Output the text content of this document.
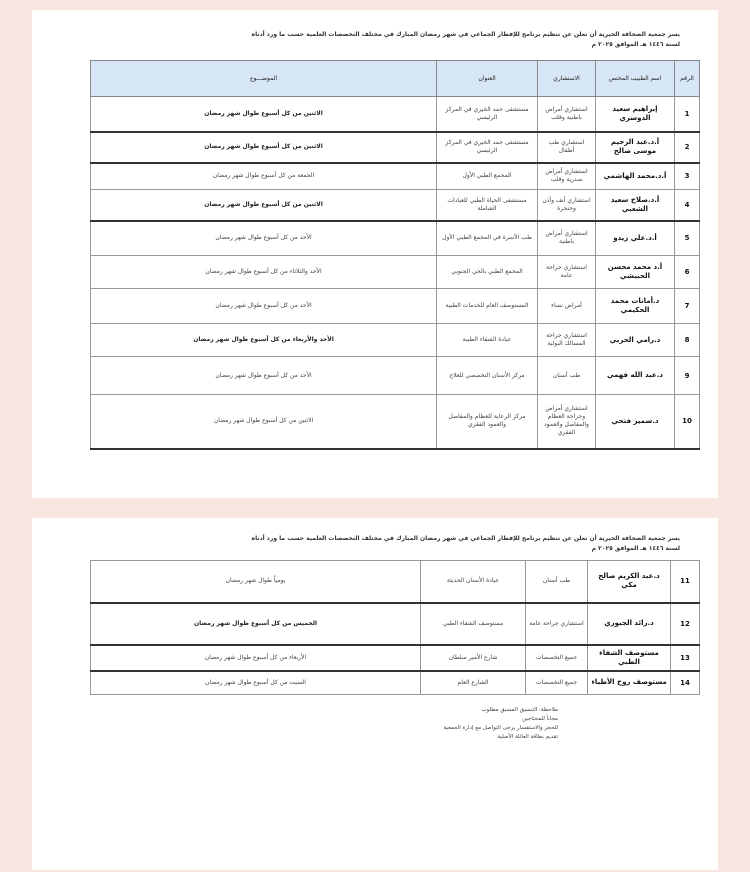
يسر جمعية الصحافة الخيرية أن تعلن عن تنظيم برنامج للإفطار الجماعي في شهر رمضان المبارك في مختلف التخصصات العلمية حسب ما ورد أدناه
لسنة ١٤٤٦ هـ الموافق ٢٠٢٥ م
الرقم	اسم الطبيب المختص	الاستشاري	العنوان	الموضـــوع
1	إبراهيم سعيد الدوسري	استشاري أمراض باطنية وقلب	مستشفى حمد الخيري في المركز الرئيسي	الاثنين من كل أسبوع طوال شهر رمضان
2	أ.د.عبد الرحيم موسى صالح	استشاري طب أطفال	مستشفى حمد الخيري في المركز الرئيسي	الاثنين من كل أسبوع طوال شهر رمضان
3	أ.د.محمد الهاشمي	استشاري أمراض صدرية وقلب	المجمع الطبي الأول	الجمعة من كل أسبوع طوال شهر رمضان
4	أ.د.صلاح سعيد الشعبي	استشاري أنف وأذن وحنجرة	مستشفى الحياة الطبي للعيادات الشاملة	الاثنين من كل أسبوع طوال شهر رمضان
5	أ.د.علي زيدو	استشاري أمراض باطنية	طب الأسرة في المجمع الطبي الأول	الأحد من كل أسبوع طوال شهر رمضان
6	أ.د محمد محسن الحبيشي	استشاري جراحة عامة	المجمع الطبي بالحي الجنوبي	الأحد والثلاثاء من كل أسبوع طوال شهر رمضان
7	د.أمانات محمد الحكيمي	أمراض نساء	المستوصف العام للخدمات الطبية	الأحد من كل أسبوع طوال شهر رمضان
8	د.رامي الحربي	استشاري جراحة المسالك البولية	عيادة الشفاء الطبية	الأحد والأربعاء من كل أسبوع طوال شهر رمضان
9	د.عبد الله فهمي	طب أسنان	مركز الأسنان التخصصي للعلاج	الأحد من كل أسبوع طوال شهر رمضان
10	د.سمير فتحي	استشاري أمراض وجراحة العظام والمفاصل والعمود الفقري	مركز الرعاية للعظام والمفاصل والعمود الفقري	الاثنين من كل أسبوع طوال شهر رمضان
يسر جمعية الصحافة الخيرية أن تعلن عن تنظيم برنامج للإفطار الجماعي في شهر رمضان المبارك في مختلف التخصصات العلمية حسب ما ورد أدناه
لسنة ١٤٤٦ هـ الموافق ٢٠٢٥ م
11	د.عبد الكريم صالح مكي	طب أسنان	عيادة الأسنان الحديثة	يومياً طوال شهر رمضان
12	د.رائد الجبوري	استشاري جراحة عامة	مستوصف الشفاء الطبي	الخميس من كل أسبوع طوال شهر رمضان
13	مستوصف الشفاء الطبي	جميع التخصصات	شارع الأمير سلطان	الأربعاء من كل أسبوع طوال شهر رمضان
14	مستوصف روح الأطباء	جميع التخصصات	الشارع العام	السبت من كل أسبوع طوال شهر رمضان
ملاحظة: التنسيق المسبق مطلوب
مجاناً للمحتاجين
للحجز والاستفسار يرجى التواصل مع إدارة الجمعية
تقديم بطاقة العائلة الأصلية
